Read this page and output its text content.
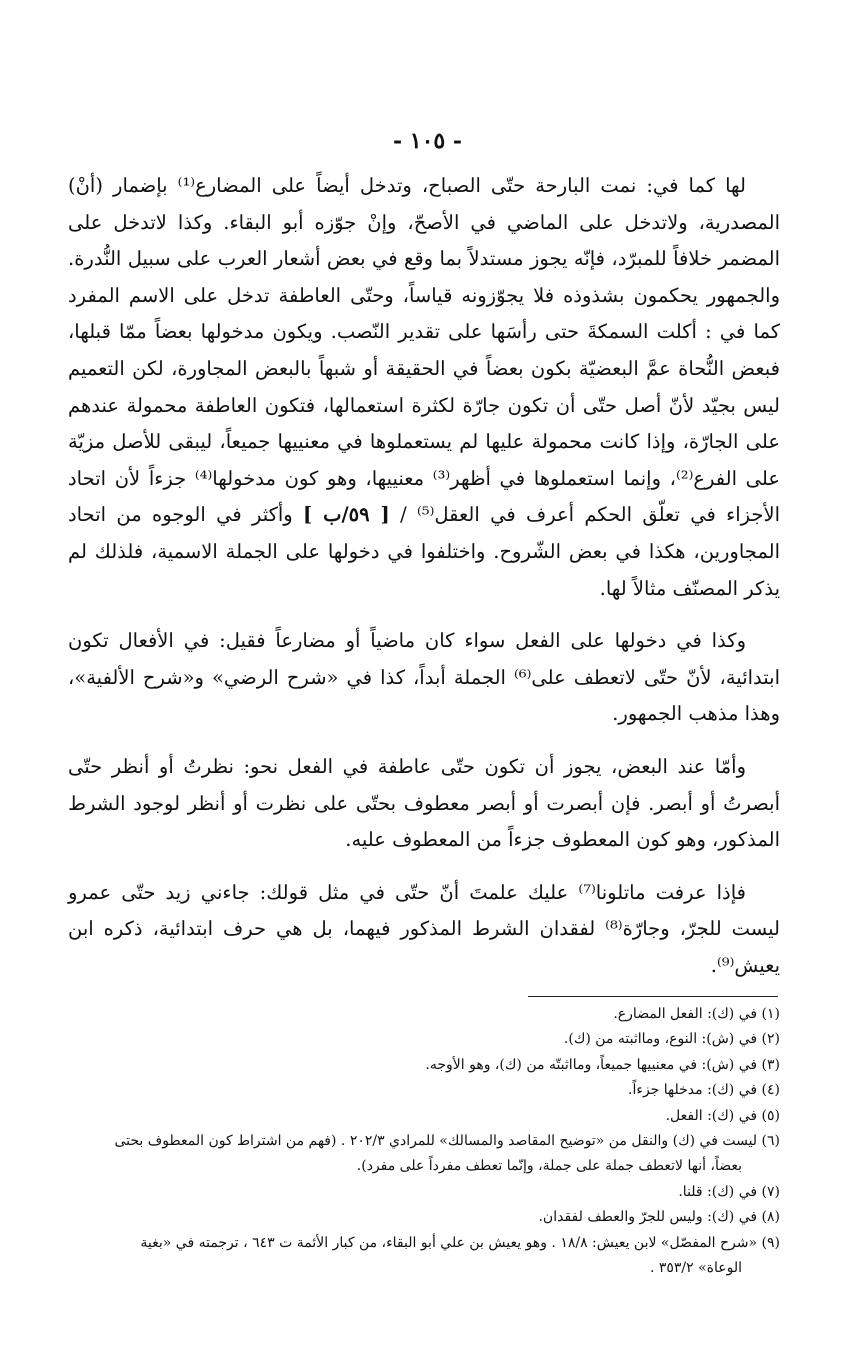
- ١٠٥ -

لها كما في: نمت البارحة حتّى الصباح، وتدخل أيضاً على المضارع⁽¹⁾ بإضمار (أنْ) المصدرية، ولاتدخل على الماضي في الأصحّ، وإنْ جوّزه أبو البقاء. وكذا لاتدخل على المضمر خلافاً للمبرّد، فإنّه يجوز مستدلاً بما وقع في بعض أشعار العرب على سبيل النُّدرة. والجمهور يحكمون بشذوذه فلا يجوّزونه قياساً، وحتّى العاطفة تدخل على الاسم المفرد كما في : أكلت السمكةَ حتى رأسَها على تقدير النّصب. ويكون مدخولها بعضاً ممّا قبلها، فبعض النُّحاة عمَّ البعضيّة بكون بعضاً في الحقيقة أو شبهاً بالبعض المجاورة، لكن التعميم ليس بجيّد لأنّ أصل حتّى أن تكون جارّة لكثرة استعمالها، فتكون العاطفة محمولة عندهم على الجارّة، وإذا كانت محمولة عليها لم يستعملوها في معنييها جميعاً، ليبقى للأصل مزيّة على الفرع⁽²⁾، وإنما استعملوها في أظهر⁽³⁾ معنييها، وهو كون مدخولها⁽⁴⁾ جزءاً لأن اتحاد الأجزاء في تعلّق الحكم أعرف في العقل⁽⁵⁾ / [ ٥٩/ب ] وأكثر في الوجوه من اتحاد المجاورين، هكذا في بعض الشّروح. واختلفوا في دخولها على الجملة الاسمية، فلذلك لم يذكر المصنّف مثالاً لها.

وكذا في دخولها على الفعل سواء كان ماضياً أو مضارعاً فقيل: في الأفعال تكون ابتدائية، لأنّ حتّى لاتعطف على⁽⁶⁾ الجملة أبداً، كذا في «شرح الرضي» و«شرح الألفية»، وهذا مذهب الجمهور.

وأمّا عند البعض، يجوز أن تكون حتّى عاطفة في الفعل نحو: نظرتُ أو أنظر حتّى أبصرتُ أو أبصر. فإن أبصرت أو أبصر معطوف بحتّى على نظرت أو أنظر لوجود الشرط المذكور، وهو كون المعطوف جزءاً من المعطوف عليه.

فإذا عرفت ماتلونا⁽⁷⁾ عليك علمتَ أنّ حتّى في مثل قولك: جاءني زيد حتّى عمرو ليست للجرّ، وجارّة⁽⁸⁾ لفقدان الشرط المذكور فيهما، بل هي حرف ابتدائية، ذكره ابن يعيش⁽⁹⁾.

(١) في (ك): الفعل المضارع.
(٢) في (ش): النوع، ومااثبته من (ك).
(٣) في (ش): في معنييها جميعاً، ومااثبتّه من (ك)، وهو الأوجه.
(٤) في (ك): مدخلها جزءاً.
(٥) في (ك): الفعل.
(٦) ليست في (ك) والنقل من «توضيح المقاصد والمسالك» للمرادي ٢٠٢/٣ . (فهم من اشتراط كون المعطوف بحتى
بعضاً، أنها لاتعطف جملة على جملة، وإنّما تعطف مفرداً على مفرد).
(٧) في (ك): قلنا.
(٨) في (ك): وليس للجرّ والعطف لفقدان.
(٩) «شرح المفصّل» لابن يعيش: ١٨/٨ . وهو يعيش بن علي أبو البقاء، من كبار الأئمة ت ٦٤٣ ، ترجمته في «بغية
الوعاة» ٣٥٣/٢ .
